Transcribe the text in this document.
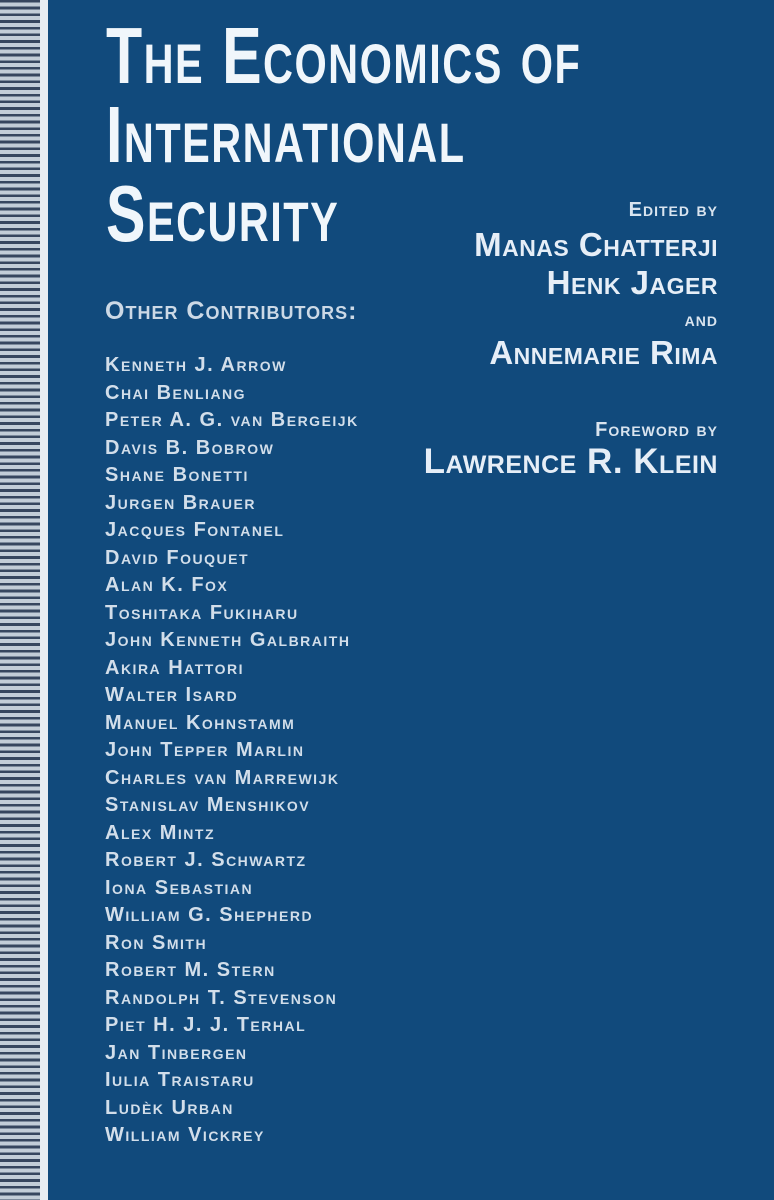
The Economics of
International
Security	Edited by
Manas Chatterji
Henk Jager
and
Annemarie Rima
Foreword by
Lawrence R. Klein
Other Contributors:
Kenneth J. Arrow
Chai Benliang
Peter A. G. van Bergeijk
Davis B. Bobrow
Shane Bonetti
Jurgen Brauer
Jacques Fontanel
David Fouquet
Alan K. Fox
Toshitaka Fukiharu
John Kenneth Galbraith
Akira Hattori
Walter Isard
Manuel Kohnstamm
John Tepper Marlin
Charles van Marrewijk
Stanislav Menshikov
Alex Mintz
Robert J. Schwartz
Iona Sebastian
William G. Shepherd
Ron Smith
Robert M. Stern
Randolph T. Stevenson
Piet H. J. J. Terhal
Jan Tinbergen
Iulia Traistaru
Ludèk Urban
William Vickrey
